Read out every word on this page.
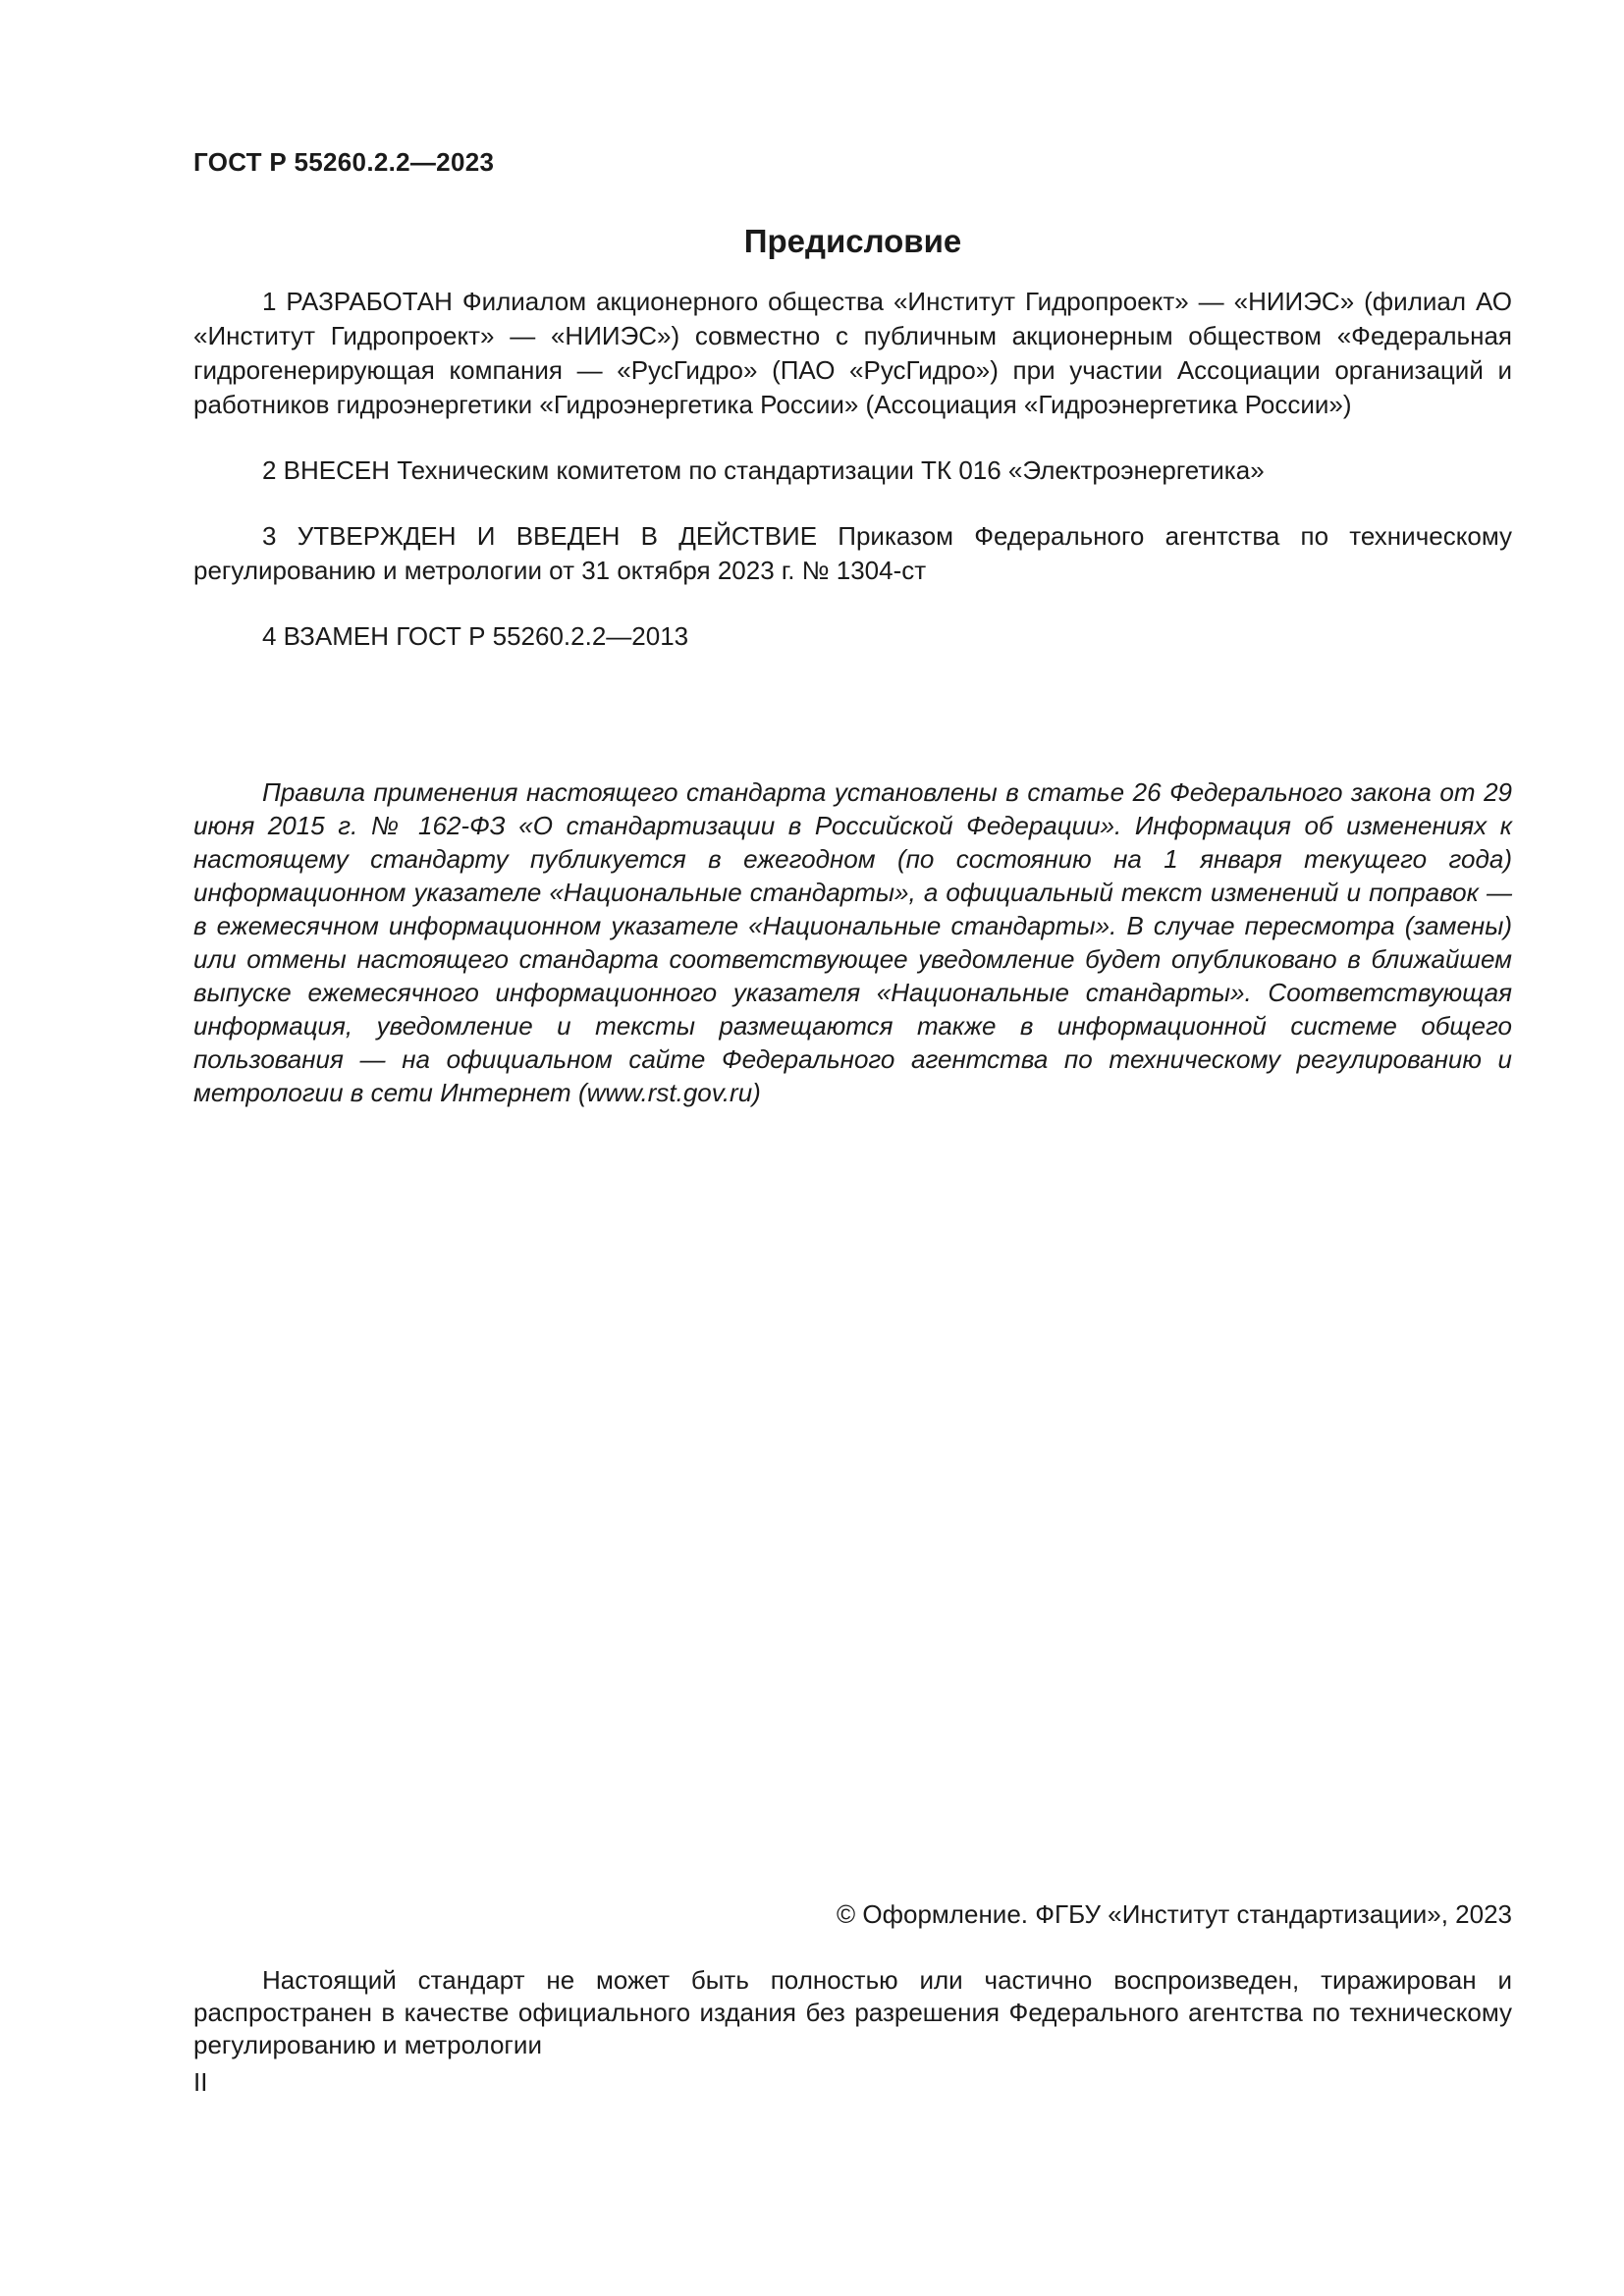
ГОСТ Р 55260.2.2—2023
Предисловие

1 РАЗРАБОТАН Филиалом акционерного общества «Институт Гидропроект» — «НИИЭС» (филиал АО «Институт Гидропроект» — «НИИЭС») совместно с публичным акционерным обществом «Федеральная гидрогенерирующая компания — «РусГидро» (ПАО «РусГидро») при участии Ассоциации организаций и работников гидроэнергетики «Гидроэнергетика России» (Ассоциация «Гидроэнергетика России»)

2 ВНЕСЕН Техническим комитетом по стандартизации ТК 016 «Электроэнергетика»

3 УТВЕРЖДЕН И ВВЕДЕН В ДЕЙСТВИЕ Приказом Федерального агентства по техническому регулированию и метрологии от 31 октября 2023 г. № 1304-ст

4 ВЗАМЕН ГОСТ Р 55260.2.2—2013

Правила применения настоящего стандарта установлены в статье 26 Федерального закона от 29 июня 2015 г. № 162-ФЗ «О стандартизации в Российской Федерации». Информация об изменениях к настоящему стандарту публикуется в ежегодном (по состоянию на 1 января текущего года) информационном указателе «Национальные стандарты», а официальный текст изменений и поправок — в ежемесячном информационном указателе «Национальные стандарты». В случае пересмотра (замены) или отмены настоящего стандарта соответствующее уведомление будет опубликовано в ближайшем выпуске ежемесячного информационного указателя «Национальные стандарты». Соответствующая информация, уведомление и тексты размещаются также в информационной системе общего пользования — на официальном сайте Федерального агентства по техническому регулированию и метрологии в сети Интернет (www.rst.gov.ru)

© Оформление. ФГБУ «Институт стандартизации», 2023

Настоящий стандарт не может быть полностью или частично воспроизведен, тиражирован и распространен в качестве официального издания без разрешения Федерального агентства по техническому регулированию и метрологии

II
